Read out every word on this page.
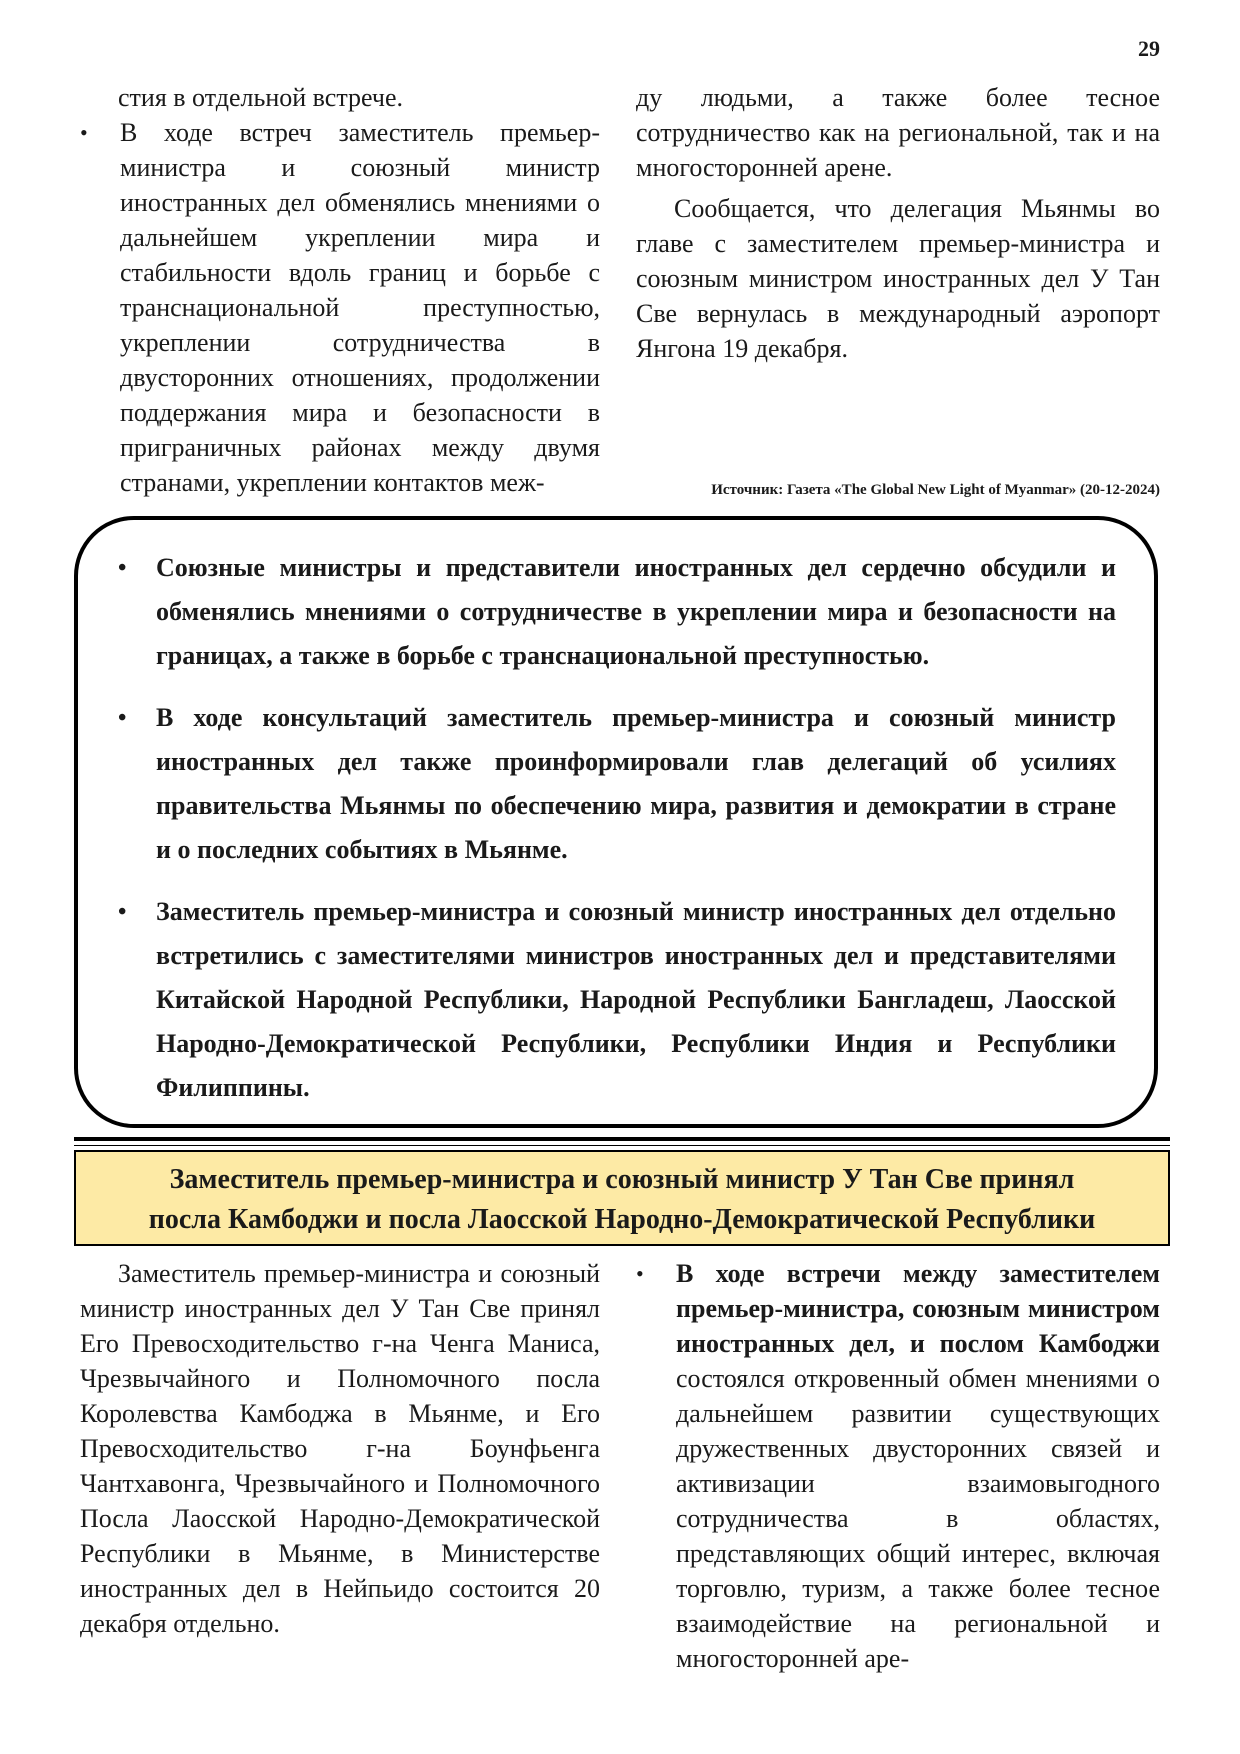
29

стия в отдельной встрече.

• В ходе встреч заместитель премьер-министра и союзный министр иностранных дел обменялись мнениями о дальнейшем укреплении мира и стабильности вдоль границ и борьбе с транснациональной преступностью, укреплении сотрудничества в двусторонних отношениях, продолжении поддержания мира и безопасности в приграничных районах между двумя странами, укреплении контактов меж-

ду людьми, а также более тесное сотрудничество как на региональной, так и на многосторонней арене.

Сообщается, что делегация Мьянмы во главе с заместителем премьер-министра и союзным министром иностранных дел У Тан Све вернулась в международный аэропорт Янгона 19 декабря.

Источник: Газета «The Global New Light of Myanmar» (20-12-2024)
• Союзные министры и представители иностранных дел сердечно обсудили и обменялись мнениями о сотрудничестве в укреплении мира и безопасности на границах, а также в борьбе с транснациональной преступностью.
• В ходе консультаций заместитель премьер-министра и союзный министр иностранных дел также проинформировали глав делегаций об усилиях правительства Мьянмы по обеспечению мира, развития и демократии в стране и о последних событиях в Мьянме.
• Заместитель премьер-министра и союзный министр иностранных дел отдельно встретились с заместителями министров иностранных дел и представителями Китайской Народной Республики, Народной Республики Бангладеш, Лаосской Народно-Демократической Республики, Республики Индия и Республики Филиппины.
Заместитель премьер-министра и союзный министр У Тан Све принял
посла Камбоджи и посла Лаосской Народно-Демократической Республики

Заместитель премьер-министра и союзный министр иностранных дел У Тан Све принял Его Превосходительство г-на Ченга Маниса, Чрезвычайного и Полномочного посла Королевства Камбоджа в Мьянме, и Его Превосходительство г-на Боунфьенга Чантхавонга, Чрезвычайного и Полномочного Посла Лаосской Народно-Демократической Республики в Мьянме, в Министерстве иностранных дел в Нейпьидо состоится 20 декабря отдельно.

• В ходе встречи между заместителем премьер-министра, союзным министром иностранных дел, и послом Камбоджи состоялся откровенный обмен мнениями о дальнейшем развитии существующих дружественных двусторонних связей и активизации взаимовыгодного сотрудничества в областях, представляющих общий интерес, включая торговлю, туризм, а также более тесное взаимодействие на региональной и многосторонней аре-
